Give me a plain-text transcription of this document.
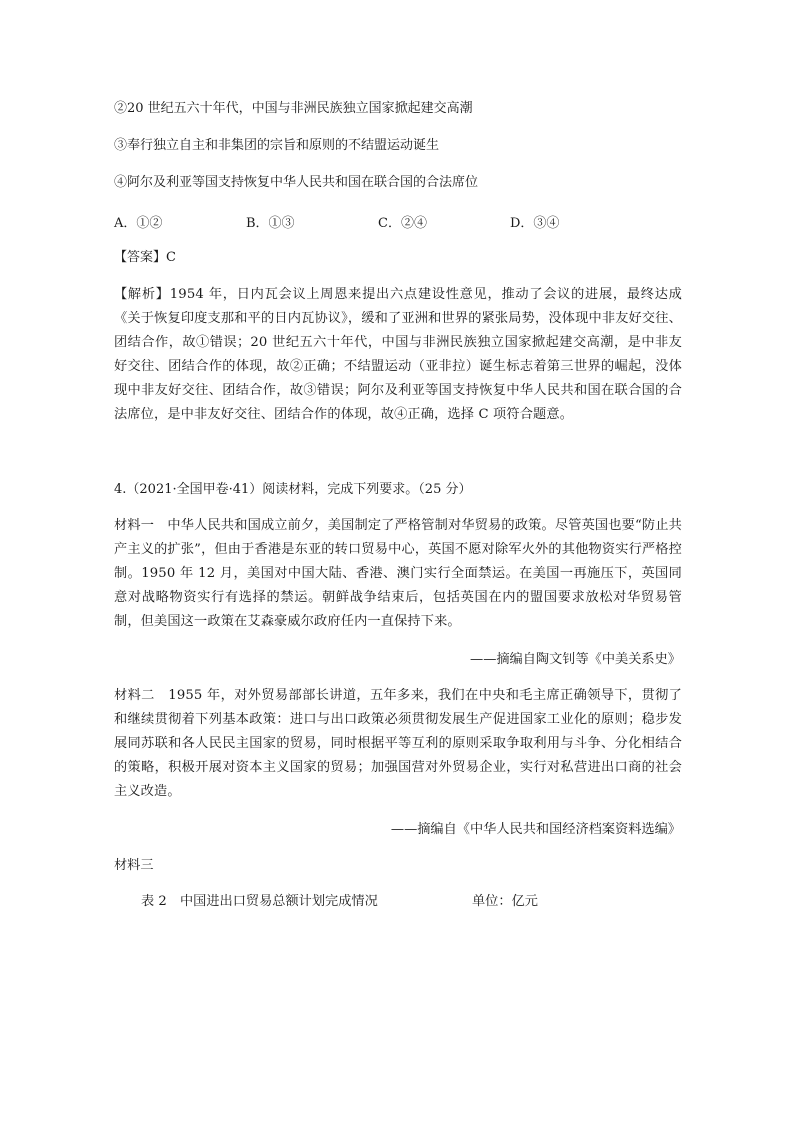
②20 世纪五六十年代，中国与非洲民族独立国家掀起建交高潮
③奉行独立自主和非集团的宗旨和原则的不结盟运动诞生
④阿尔及利亚等国支持恢复中华人民共和国在联合国的合法席位
A．①②	B．①③	C．②④	D．③④
【答案】C
【解析】1954 年，日内瓦会议上周恩来提出六点建设性意见，推动了会议的进展，最终达成《关于恢复印度支那和平的日内瓦协议》，缓和了亚洲和世界的紧张局势，没体现中非友好交往、团结合作，故①错误；20 世纪五六十年代，中国与非洲民族独立国家掀起建交高潮，是中非友好交往、团结合作的体现，故②正确；不结盟运动（亚非拉）诞生标志着第三世界的崛起，没体现中非友好交往、团结合作，故③错误；阿尔及利亚等国支持恢复中华人民共和国在联合国的合法席位，是中非友好交往、团结合作的体现，故④正确，选择 C 项符合题意。
4.（2021·全国甲卷·41）阅读材料，完成下列要求。（25 分）
材料一　中华人民共和国成立前夕，美国制定了严格管制对华贸易的政策。尽管英国也要“防止共产主义的扩张”，但由于香港是东亚的转口贸易中心，英国不愿对除军火外的其他物资实行严格控制。1950 年 12 月，美国对中国大陆、香港、澳门实行全面禁运。在美国一再施压下，英国同意对战略物资实行有选择的禁运。朝鲜战争结束后，包括英国在内的盟国要求放松对华贸易管制，但美国这一政策在艾森豪威尔政府任内一直保持下来。
——摘编自陶文钊等《中美关系史》
材料二　1955 年，对外贸易部部长讲道，五年多来，我们在中央和毛主席正确领导下，贯彻了和继续贯彻着下列基本政策：进口与出口政策必须贯彻发展生产促进国家工业化的原则；稳步发展同苏联和各人民民主国家的贸易，同时根据平等互利的原则采取争取利用与斗争、分化相结合的策略，积极开展对资本主义国家的贸易；加强国营对外贸易企业，实行对私营进出口商的社会主义改造。
——摘编自《中华人民共和国经济档案资料选编》
材料三
表 2　中国进出口贸易总额计划完成情况	单位：亿元
